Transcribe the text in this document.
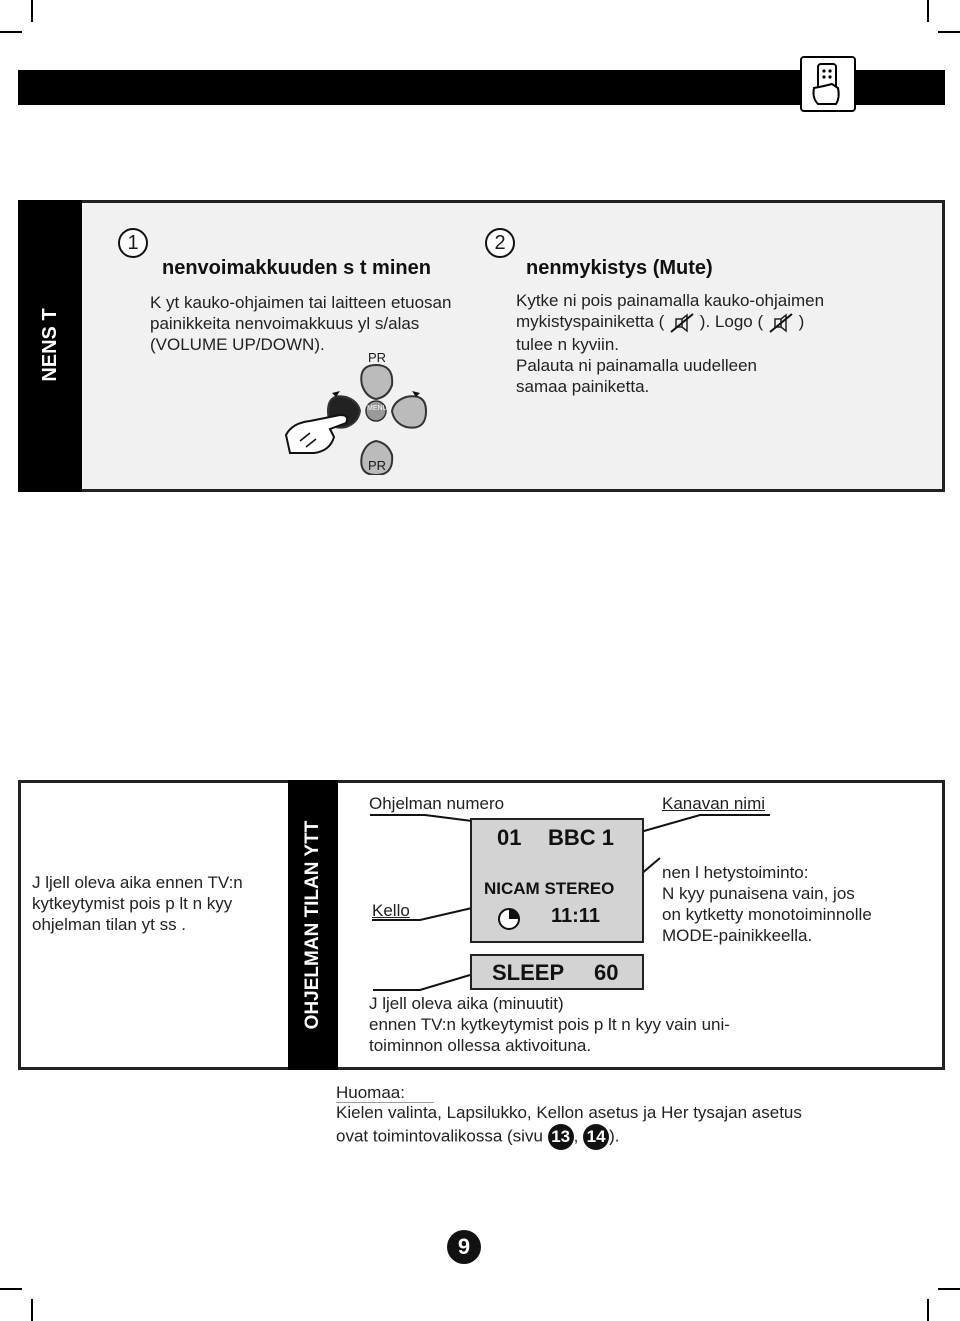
NENS T
1
nenvoimakkuuden s t minen
K yt kauko-ohjaimen tai laitteen etuosan
painikkeita nenvoimakkuus yl s/alas
(VOLUME UP/DOWN).
MENU
PR
PR
2
nenmykistys (Mute)
Kytke ni pois painamalla kauko-ohjaimen
mykistyspainiketta ( ). Logo ( )
tulee n kyviin.
Palauta ni painamalla uudelleen
samaa painiketta.
OHJELMAN TILAN YTT
J ljell oleva aika ennen TV:n
kytkeytymist pois p lt n kyy
ohjelman tilan yt ss .
Ohjelman numero	Kanavan nimi
Kello
01 BBC 1
NICAM STEREO
11:11
SLEEP 60
nen l hetystoiminto:
N kyy punaisena vain, jos
on kytketty monotoiminnolle
MODE-painikkeella.
J ljell oleva aika (minuutit)
ennen TV:n kytkeytymist pois p lt n kyy vain uni-
toiminnon ollessa aktivoituna.
Huomaa:
Kielen valinta, Lapsilukko, Kellon asetus ja Her tysajan asetus
ovat toimintovalikossa (sivu 13 , 14 ).
9
